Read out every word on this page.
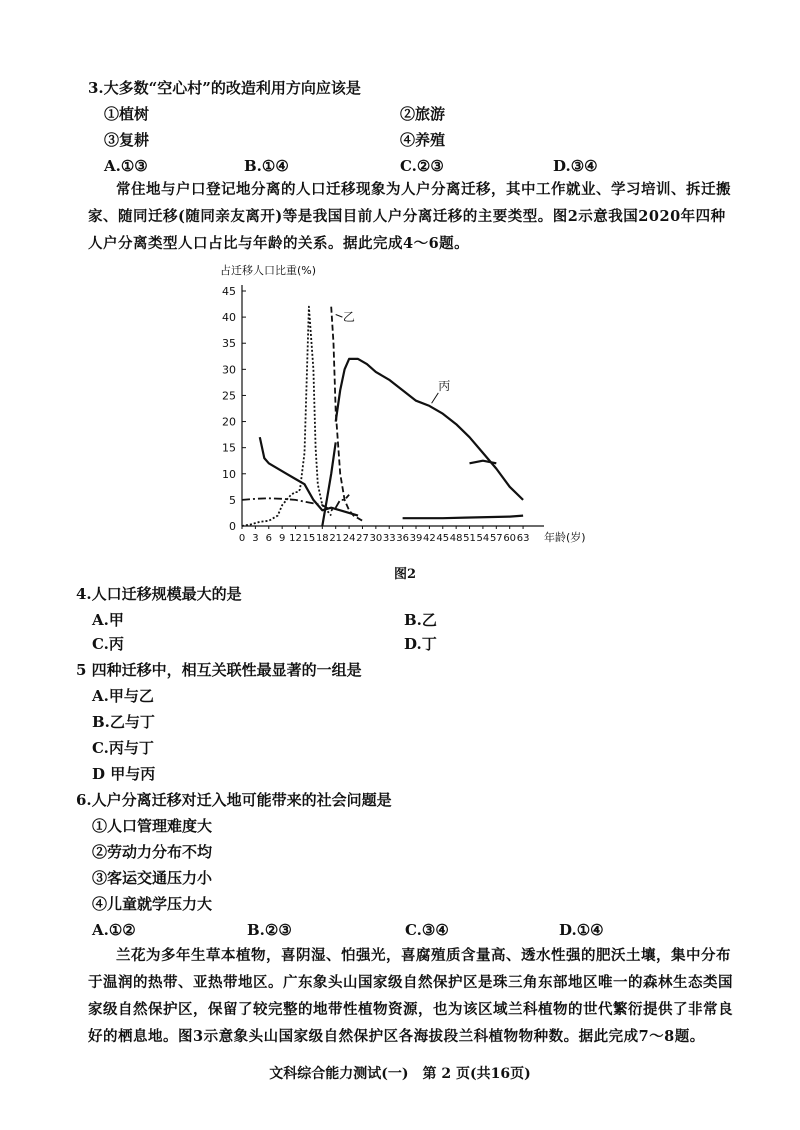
3.大多数“空心村”的改造利用方向应该是
①植树	②旅游
③复耕	④养殖
A.①③	B.①④	C.②③	D.③④
常住地与户口登记地分离的人口迁移现象为人户分离迁移，其中工作就业、学习培训、拆迁搬家、随同迁移(随同亲友离开)等是我国目前人户分离迁移的主要类型。图2示意我国2020年四种人户分离类型人口占比与年龄的关系。据此完成4～6题。
0
5
10
15
20
25
30
35
40
45
0 3 6 9 12 15 18 21 24 27 30 33 36 39 42 45 48 51 54 57 60 63
占迁移人口比重(%)
年龄(岁)
乙
丙
图2
4.人口迁移规模最大的是
A.甲	B.乙
C.丙	D.丁
5 四种迁移中，相互关联性最显著的一组是
A.甲与乙
B.乙与丁
C.丙与丁
D 甲与丙
6.人户分离迁移对迁入地可能带来的社会问题是
①人口管理难度大
②劳动力分布不均
③客运交通压力小
④儿童就学压力大
A.①②	B.②③	C.③④	D.①④
兰花为多年生草本植物，喜阴湿、怕强光，喜腐殖质含量高、透水性强的肥沃土壤，集中分布于温润的热带、亚热带地区。广东象头山国家级自然保护区是珠三角东部地区唯一的森林生态类国家级自然保护区，保留了较完整的地带性植物资源，也为该区域兰科植物的世代繁衍提供了非常良好的栖息地。图3示意象头山国家级自然保护区各海拔段兰科植物物种数。据此完成7～8题。
文科综合能力测试(一)　第 2 页(共16页)
